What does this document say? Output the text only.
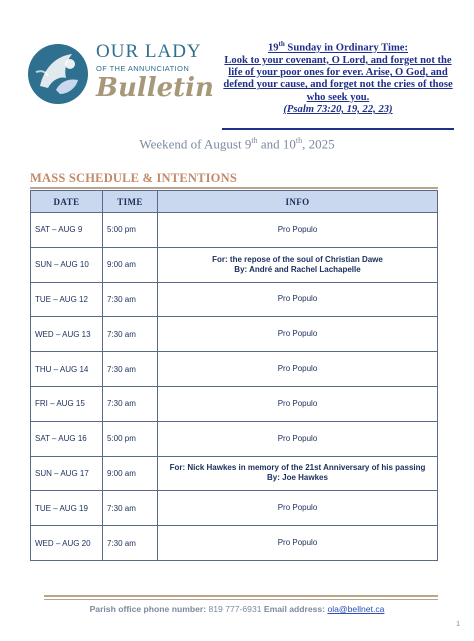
OUR LADY
OF THE ANNUNCIATION
Bulletin
19th Sunday in Ordinary Time:
Look to your covenant, O Lord, and forget not the life of your poor ones for ever. Arise, O God, and defend your cause, and forget not the cries of those who seek you.
(Psalm 73:20, 19, 22, 23)
Weekend of August 9th and 10th, 2025
MASS SCHEDULE & INTENTIONS
DATE	TIME	INFO
SAT – AUG 9	5:00 pm	Pro Populo

SUN – AUG 10	9:00 am	For: the repose of the soul of Christian Dawe
By: André and Rachel Lachapelle

TUE – AUG 12	7:30 am	Pro Populo

WED – AUG 13	7:30 am	Pro Populo

THU – AUG 14	7:30 am	Pro Populo

FRI – AUG 15	7:30 am	Pro Populo

SAT – AUG 16	5:00 pm	Pro Populo

SUN – AUG 17	9:00 am	For: Nick Hawkes in memory of the 21st Anniversary of his passing
By: Joe Hawkes

TUE – AUG 19	7:30 am	Pro Populo

WED – AUG 20	7:30 am	Pro Populo
Parish office phone number: 819 777-6931 Email address: ola@bellnet.ca
1
